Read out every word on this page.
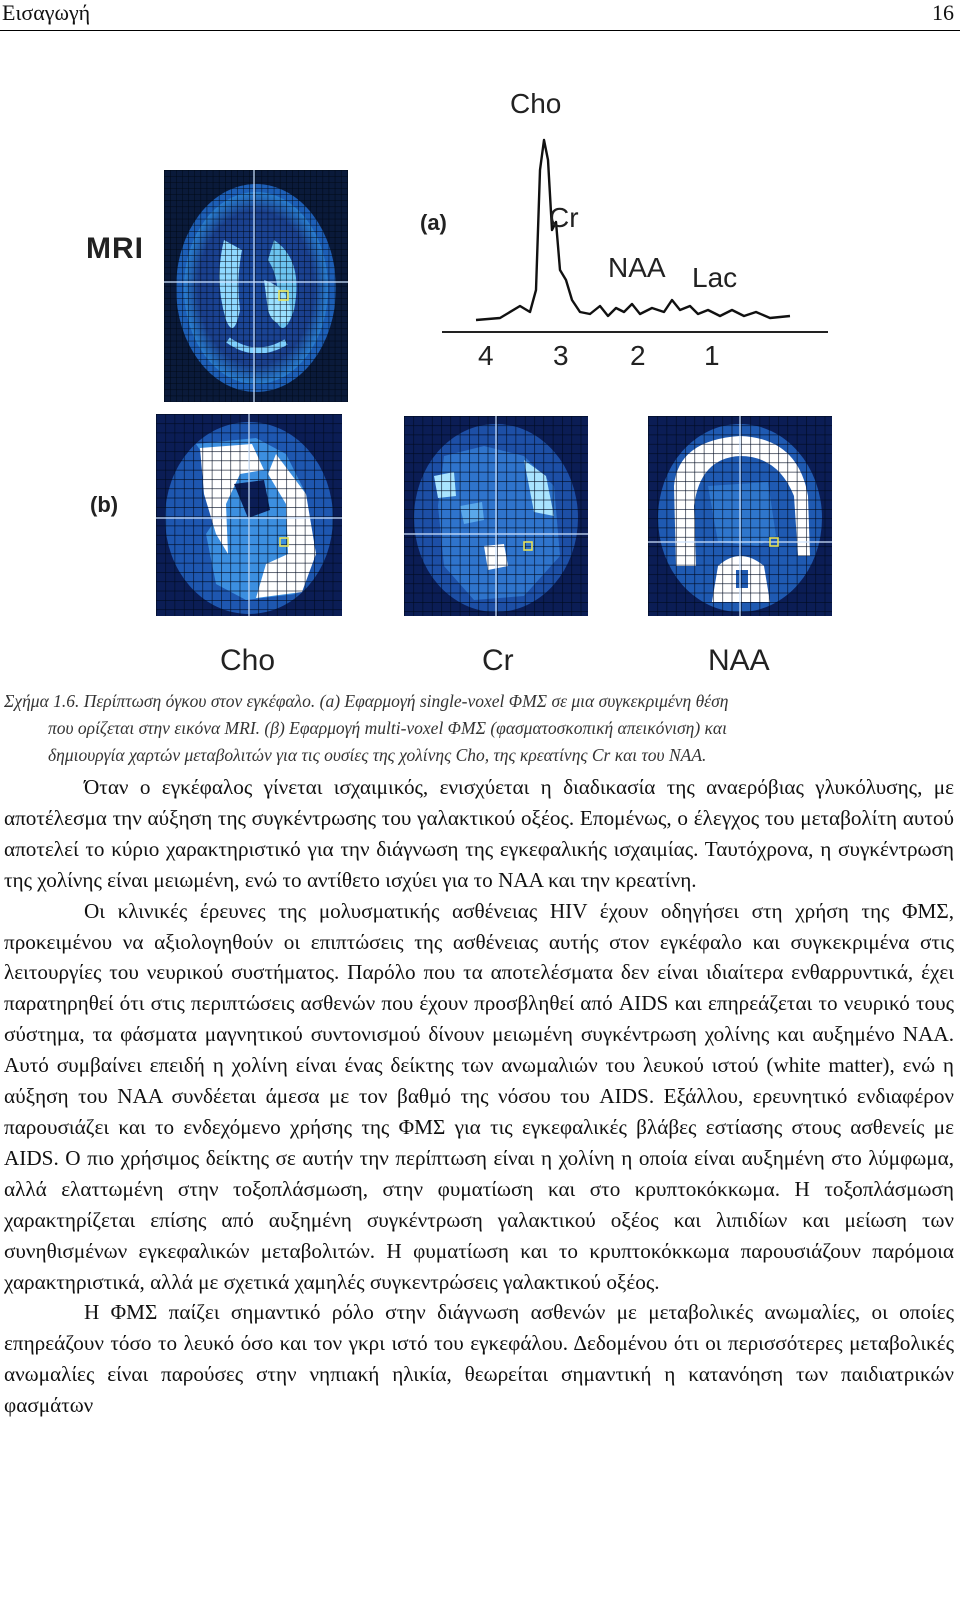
Εισαγωγή	16
MRI
(a)
(b)
Cho
Cr
NAA Lac
4 3 2 1
Cho	Cr	NAA

Σχήμα 1.6. Περίπτωση όγκου στον εγκέφαλο. (a) Εφαρμογή single-voxel ΦΜΣ σε μια συγκεκριμένη θέση

που ορίζεται στην εικόνα MRI. (β) Εφαρμογή multi-voxel ΦΜΣ (φασματοσκοπική απεικόνιση) και

δημιουργία χαρτών μεταβολιτών για τις ουσίες της χολίνης Cho, της κρεατίνης Cr και του NAA.

Όταν ο εγκέφαλος γίνεται ισχαιμικός, ενισχύεται η διαδικασία της αναερόβιας γλυκόλυσης, με αποτέλεσμα την αύξηση της συγκέντρωσης του γαλακτικού οξέος. Επομένως, ο έλεγχος του μεταβολίτη αυτού αποτελεί το κύριο χαρακτηριστικό για την διάγνωση της εγκεφαλικής ισχαιμίας. Ταυτόχρονα, η συγκέντρωση της χολίνης είναι μειωμένη, ενώ το αντίθετο ισχύει για το NAA και την κρεατίνη.

Οι κλινικές έρευνες της μολυσματικής ασθένειας HIV έχουν οδηγήσει στη χρήση της ΦΜΣ, προκειμένου να αξιολογηθούν οι επιπτώσεις της ασθένειας αυτής στον εγκέφαλο και συγκεκριμένα στις λειτουργίες του νευρικού συστήματος. Παρόλο που τα αποτελέσματα δεν είναι ιδιαίτερα ενθαρρυντικά, έχει παρατηρηθεί ότι στις περιπτώσεις ασθενών που έχουν προσβληθεί από AIDS και επηρεάζεται το νευρικό τους σύστημα, τα φάσματα μαγνητικού συντονισμού δίνουν μειωμένη συγκέντρωση χολίνης και αυξημένο NAA. Αυτό συμβαίνει επειδή η χολίνη είναι ένας δείκτης των ανωμαλιών του λευκού ιστού (white matter), ενώ η αύξηση του NAA συνδέεται άμεσα με τον βαθμό της νόσου του AIDS. Εξάλλου, ερευνητικό ενδιαφέρον παρουσιάζει και το ενδεχόμενο χρήσης της ΦΜΣ για τις εγκεφαλικές βλάβες εστίασης στους ασθενείς με AIDS. Ο πιο χρήσιμος δείκτης σε αυτήν την περίπτωση είναι η χολίνη η οποία είναι αυξημένη στο λύμφωμα, αλλά ελαττωμένη στην τοξοπλάσμωση, στην φυματίωση και στο κρυπτοκόκκωμα. Η τοξοπλάσμωση χαρακτηρίζεται επίσης από αυξημένη συγκέντρωση γαλακτικού οξέος και λιπιδίων και μείωση των συνηθισμένων εγκεφαλικών μεταβολιτών. Η φυματίωση και το κρυπτοκόκκωμα παρουσιάζουν παρόμοια χαρακτηριστικά, αλλά με σχετικά χαμηλές συγκεντρώσεις γαλακτικού οξέος.

Η ΦΜΣ παίζει σημαντικό ρόλο στην διάγνωση ασθενών με μεταβολικές ανωμαλίες, οι οποίες επηρεάζουν τόσο το λευκό όσο και τον γκρι ιστό του εγκεφάλου. Δεδομένου ότι οι περισσότερες μεταβολικές ανωμαλίες είναι παρούσες στην νηπιακή ηλικία, θεωρείται σημαντική η κατανόηση των παιδιατρικών φασμάτων
